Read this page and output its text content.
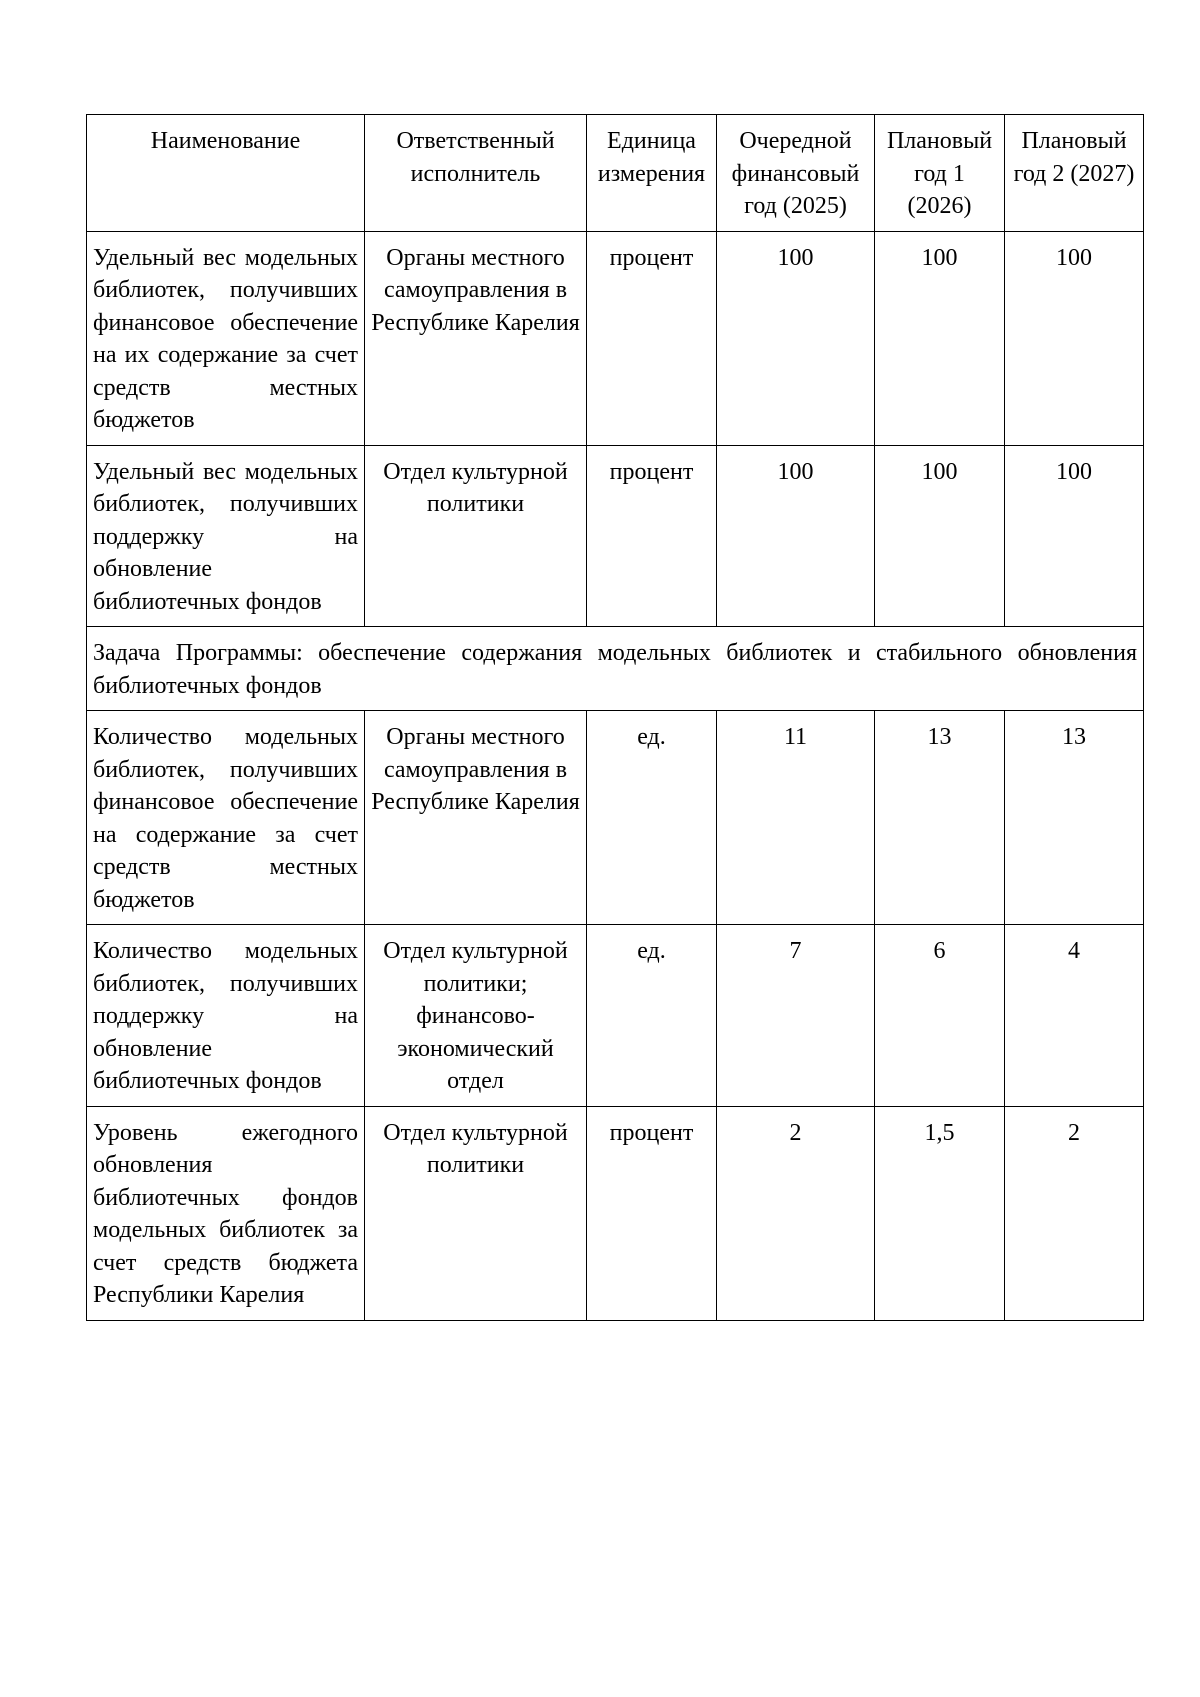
Наименование	Ответственный исполнитель	Единица измерения	Очередной финансовый год (2025)	Плановый год 1 (2026)	Плановый год 2 (2027)
Удельный вес модельных библиотек, получивших финансовое обеспечение на их содержание за счет средств местных бюджетов	Органы местного самоуправления в Республике Карелия	процент	100	100	100
Удельный вес модельных библиотек, получивших поддержку на обновление библиотечных фондов	Отдел культурной политики	процент	100	100	100
Задача Программы: обеспечение содержания модельных библиотек и стабильного обновления библиотечных фондов					
Количество модельных библиотек, получивших финансовое обеспечение на содержание за счет средств местных бюджетов	Органы местного самоуправления в Республике Карелия	ед.	11	13	13
Количество модельных библиотек, получивших поддержку на обновление библиотечных фондов	Отдел культурной политики; финансово-экономический отдел	ед.	7	6	4
Уровень ежегодного обновления библиотечных фондов модельных библиотек за счет средств бюджета Республики Карелия	Отдел культурной политики	процент	2	1,5	2
